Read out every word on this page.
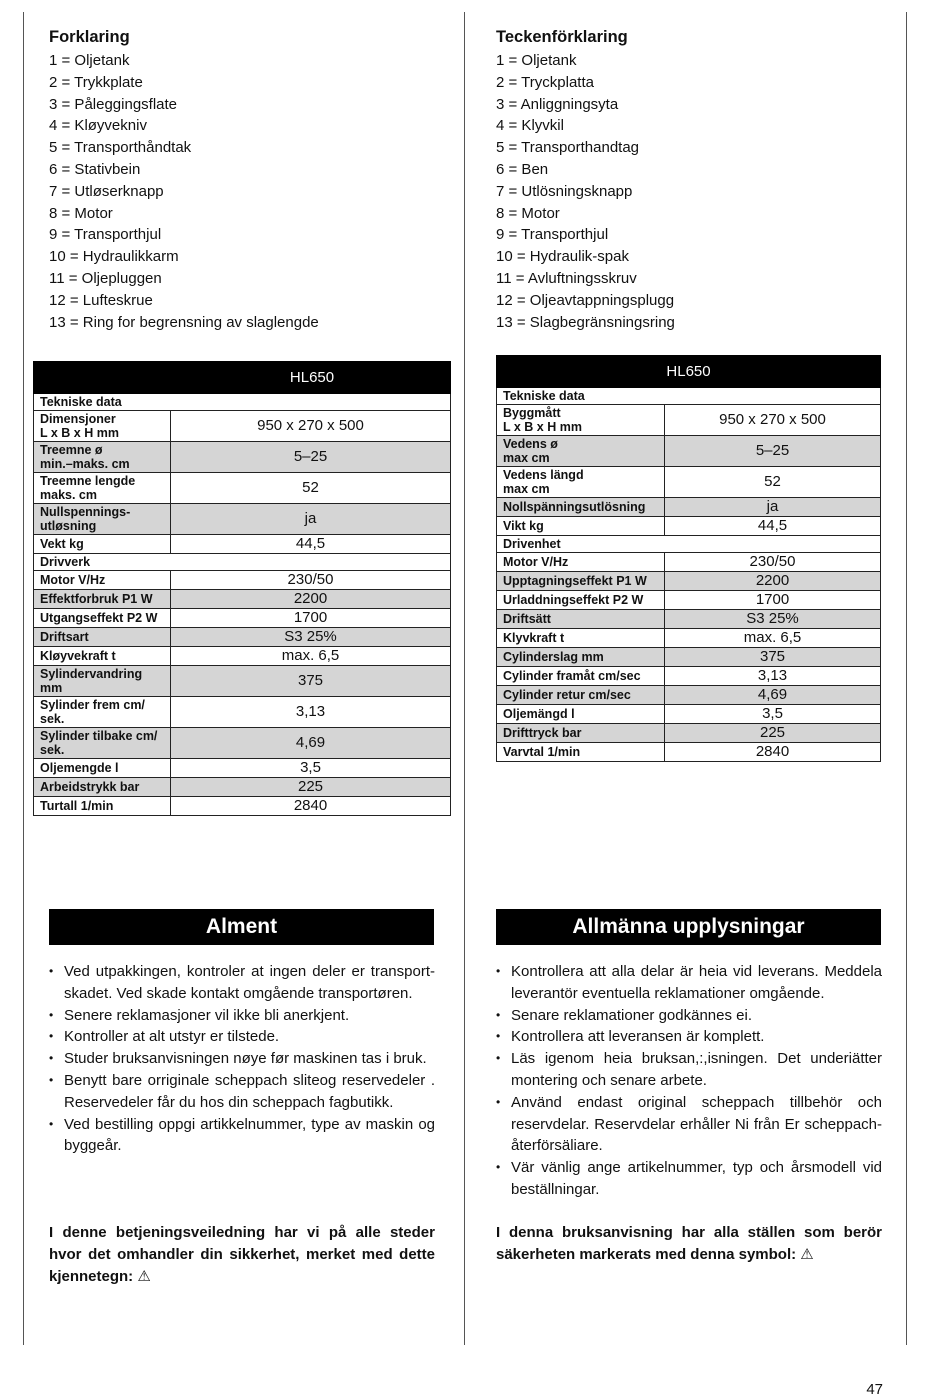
Forklaring
1 = Oljetank
2 = Trykkplate
3 = Påleggingsflate
4 = Kløyvekniv
5 = Transporthåndtak
6 = Stativbein
7 = Utløserknapp
8 = Motor
9 = Transporthjul
10 = Hydraulikkarm
11 = Oljepluggen
12 = Lufteskrue
13 = Ring for begrensning av slaglengde
Teckenförklaring
1 = Oljetank
2 = Tryckplatta
3 = Anliggningsyta
4 = Klyvkil
5 = Transporthandtag
6 = Ben
7 = Utlösningsknapp
8 = Motor
9 = Transporthjul
10 = Hydraulik-spak
11 = Avluftningsskruv
12 = Oljeavtappningsplugg
13 = Slagbegränsningsring
HL650	
Tekniske data	
Dimensjoner
L x B x H mm	950 x 270 x 500
Treemne ø
min.–maks. cm	5–25
Treemne lengde
maks. cm	52
Nullspennings-
utløsning	ja
Vekt kg	44,5
Drivverk	
Motor V/Hz	230/50
Effektforbruk P1 W	2200
Utgangseffekt P2 W	1700
Driftsart	S3 25%
Kløyvekraft t	max. 6,5
Sylindervandring
mm	375
Sylinder frem cm/
sek.	3,13
Sylinder tilbake cm/
sek.	4,69
Oljemengde l	3,5
Arbeidstrykk bar	225
Turtall 1/min	2840
HL650	
Tekniske data	
Byggmått
L x B x H mm	950 x 270 x 500
Vedens ø
max cm	5–25
Vedens längd
max cm	52
Nollspänningsutlösning	ja
Vikt kg	44,5
Drivenhet	
Motor V/Hz	230/50
Upptagningseffekt P1 W	2200
Urladdningseffekt P2 W	1700
Driftsätt	S3 25%
Klyvkraft t	max. 6,5
Cylinderslag mm	375
Cylinder framåt cm/sec	3,13
Cylinder retur cm/sec	4,69
Oljemängd l	3,5
Drifttryck bar	225
Varvtal 1/min	2840
Alment	Allmänna upplysningar
• Ved utpakkingen, kontroler at ingen deler er transport-skadet. Ved skade kontakt omgående transportøren.
• Senere reklamasjoner vil ikke bli anerkjent.
• Kontroller at alt utstyr er tilstede.
• Studer bruksanvisningen nøye før maskinen tas i bruk.
• Benytt bare orriginale scheppach sliteog reservedeler . Reservedeler får du hos din scheppach fagbutikk.
• Ved bestilling oppgi artikkelnummer, type av maskin og byggeår.
• Kontrollera att alla delar är heia vid leverans. Meddela leverantör eventuella reklamationer omgående.
• Senare reklamationer godkännes ei.
• Kontrollera att leveransen är komplett.
• Läs igenom heia bruksan,:,isningen. Det underiätter montering och senare arbete.
• Använd endast original scheppach tillbehör och reservdelar. Reservdelar erhåller Ni från Er scheppach-återförsäliare.
• Vär vänlig ange artikelnummer, typ och årsmodell vid beställningar.
I denne betjeningsveiledning har vi på alle steder hvor det omhandler din sikkerhet, merket med dette kjennetegn: ⚠
I denna bruksanvisning har alla ställen som berör säkerheten markerats med denna symbol: ⚠
47
